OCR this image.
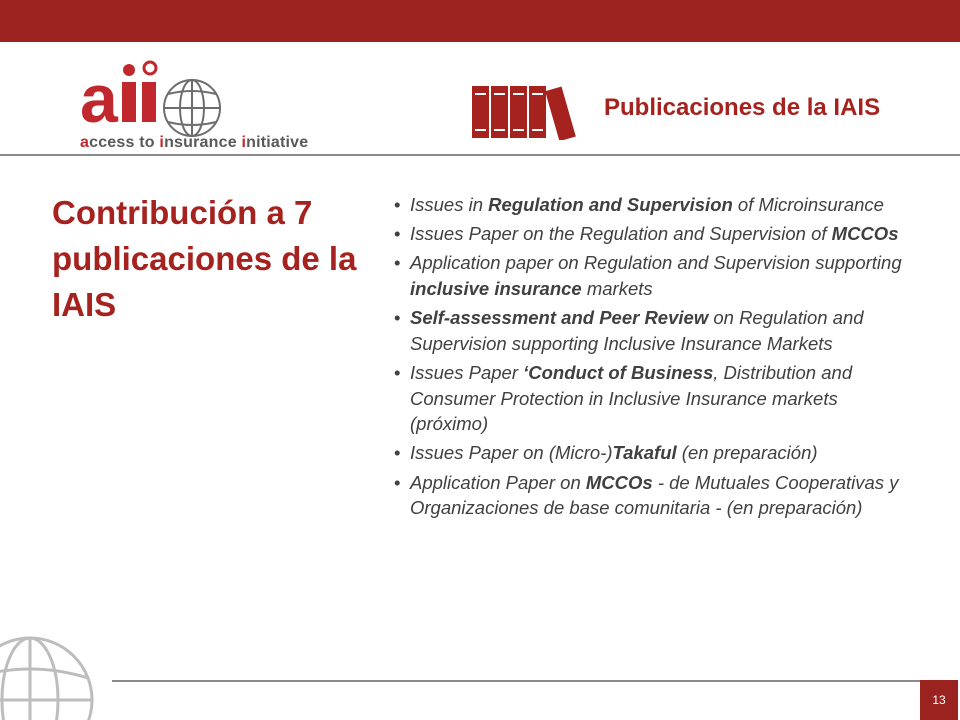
a
access to insurance initiative
Publicaciones de la IAIS
Contribución a 7 publicaciones de la IAIS
• Issues in Regulation and Supervision of Microinsurance
• Issues Paper on the Regulation and Supervision of MCCOs
• Application paper on Regulation and Supervision supporting inclusive insurance markets
• Self-assessment and Peer Review on Regulation and Supervision supporting Inclusive Insurance Markets
• Issues Paper ‘Conduct of Business, Distribution and Consumer Protection in Inclusive Insurance markets (próximo)
• Issues Paper on (Micro-)Takaful (en preparación)
• Application Paper on MCCOs - de Mutuales Cooperativas y Organizaciones de base comunitaria - (en preparación)
13
